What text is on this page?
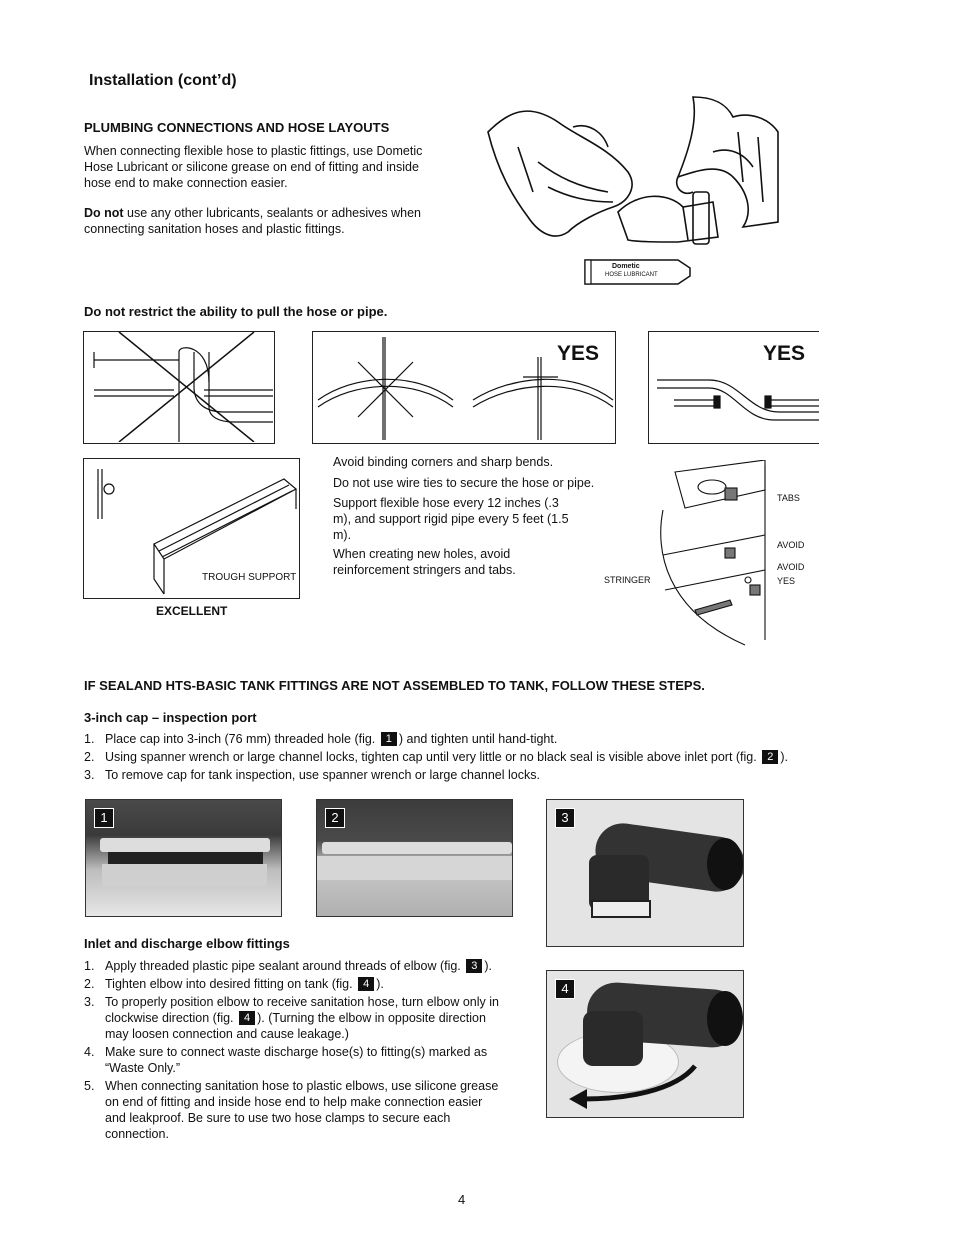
Installation (cont’d)
PLUMBING CONNECTIONS AND HOSE LAYOUTS
When connecting flexible hose to plastic fittings, use Dometic Hose Lubricant or silicone grease on end of fitting and inside hose end to make connection easier.
Do not use any other lubricants, sealants or adhesives when connecting sanitation hoses and plastic fittings.
Dometic
HOSE LUBRICANT
Do not restrict the ability to pull the hose or pipe.
YES	YES
TROUGH SUPPORT
EXCELLENT
Avoid binding corners and sharp bends.
Do not use wire ties to secure the hose or pipe.
Support flexible hose every 12 inches (.3 m), and support rigid pipe every 5 feet (1.5 m).
When creating new holes, avoid reinforcement stringers and tabs.
TABS
AVOID
AVOID
YES
STRINGER
IF SEALAND HTS-BASIC TANK FITTINGS ARE NOT ASSEMBLED TO TANK, FOLLOW THESE STEPS.
3-inch cap – inspection port
1. Place cap into 3-inch (76 mm) threaded hole (fig. 1 ) and tighten until hand-tight.
2. Using spanner wrench or large channel locks, tighten cap until very little or no black seal is visible above inlet port (fig. 2 ).
3. To remove cap for tank inspection, use spanner wrench or large channel locks.
1	2	3
4
Inlet and discharge elbow fittings
1. Apply threaded plastic pipe sealant around threads of elbow (fig. 3 ).
2. Tighten elbow into desired fitting on tank (fig. 4 ).
3. To properly position elbow to receive sanitation hose, turn elbow only in clockwise direction (fig. 4 ). (Turning the elbow in opposite direction may loosen connection and cause leakage.)
4. Make sure to connect waste discharge hose(s) to fitting(s) marked as “Waste Only.”
5. When connecting sanitation hose to plastic elbows, use silicone grease on end of fitting and inside hose end to help make connection easier and leakproof. Be sure to use two hose clamps to secure each connection.
4
